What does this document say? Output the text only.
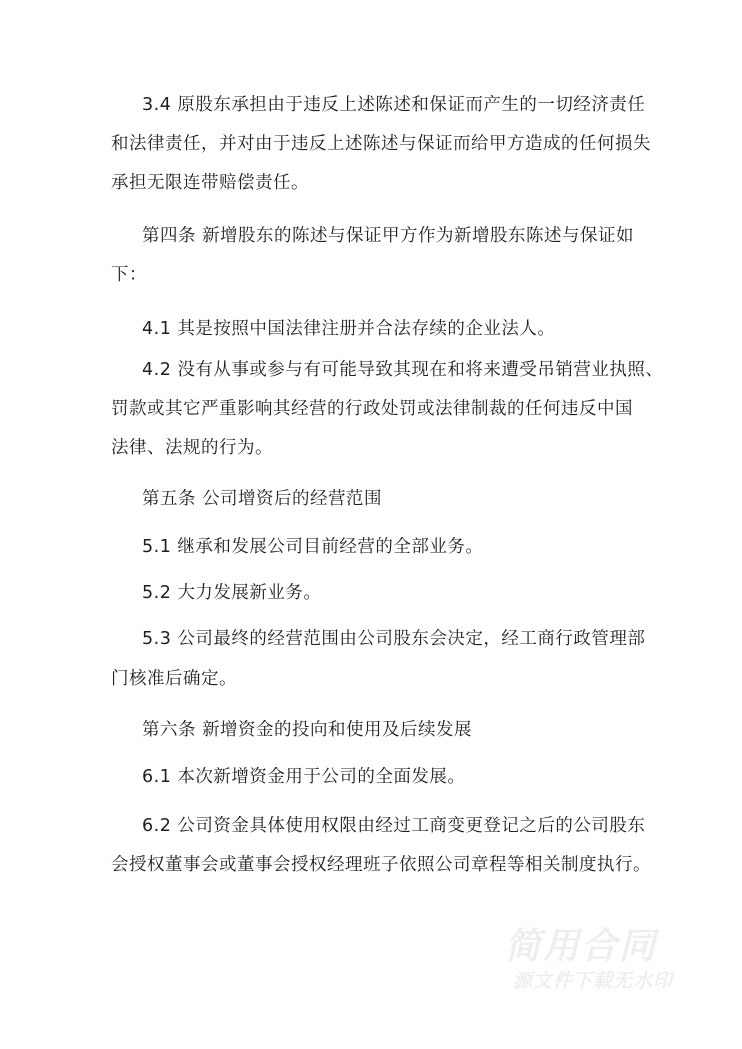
3.4 原股东承担由于违反上述陈述和保证而产生的一切经济责任
和法律责任，并对由于违反上述陈述与保证而给甲方造成的任何损失
承担无限连带赔偿责任。
第四条 新增股东的陈述与保证甲方作为新增股东陈述与保证如
下：
4.1 其是按照中国法律注册并合法存续的企业法人。
4.2 没有从事或参与有可能导致其现在和将来遭受吊销营业执照、
罚款或其它严重影响其经营的行政处罚或法律制裁的任何违反中国
法律、法规的行为。
第五条 公司增资后的经营范围
5.1 继承和发展公司目前经营的全部业务。
5.2 大力发展新业务。
5.3 公司最终的经营范围由公司股东会决定，经工商行政管理部
门核准后确定。
第六条 新增资金的投向和使用及后续发展
6.1 本次新增资金用于公司的全面发展。
6.2 公司资金具体使用权限由经过工商变更登记之后的公司股东
会授权董事会或董事会授权经理班子依照公司章程等相关制度执行。
简用合同
源文件下载无水印
